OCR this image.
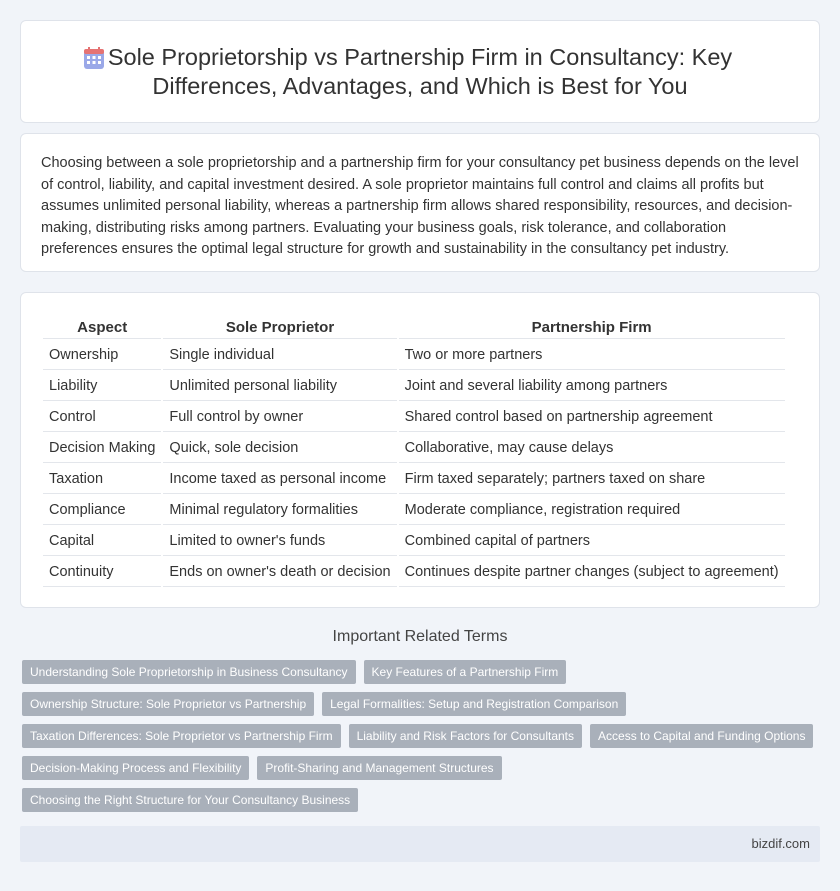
Sole Proprietorship vs Partnership Firm in Consultancy: Key Differences, Advantages, and Which is Best for You

Choosing between a sole proprietorship and a partnership firm for your consultancy pet business depends on the level of control, liability, and capital investment desired. A sole proprietor maintains full control and claims all profits but assumes unlimited personal liability, whereas a partnership firm allows shared responsibility, resources, and decision-making, distributing risks among partners. Evaluating your business goals, risk tolerance, and collaboration preferences ensures the optimal legal structure for growth and sustainability in the consultancy pet industry.

Aspect	Sole Proprietor	Partnership Firm
Ownership	Single individual	Two or more partners
Liability	Unlimited personal liability	Joint and several liability among partners
Control	Full control by owner	Shared control based on partnership agreement
Decision Making	Quick, sole decision	Collaborative, may cause delays
Taxation	Income taxed as personal income	Firm taxed separately; partners taxed on share
Compliance	Minimal regulatory formalities	Moderate compliance, registration required
Capital	Limited to owner's funds	Combined capital of partners
Continuity	Ends on owner's death or decision	Continues despite partner changes (subject to agreement)
Important Related Terms
Understanding Sole Proprietorship in Business Consultancy	Key Features of a Partnership Firm
Ownership Structure: Sole Proprietor vs Partnership	Legal Formalities: Setup and Registration Comparison
Taxation Differences: Sole Proprietor vs Partnership Firm	Liability and Risk Factors for Consultants	Access to Capital and Funding Options
Decision-Making Process and Flexibility	Profit-Sharing and Management Structures
Choosing the Right Structure for Your Consultancy Business
bizdif.com
